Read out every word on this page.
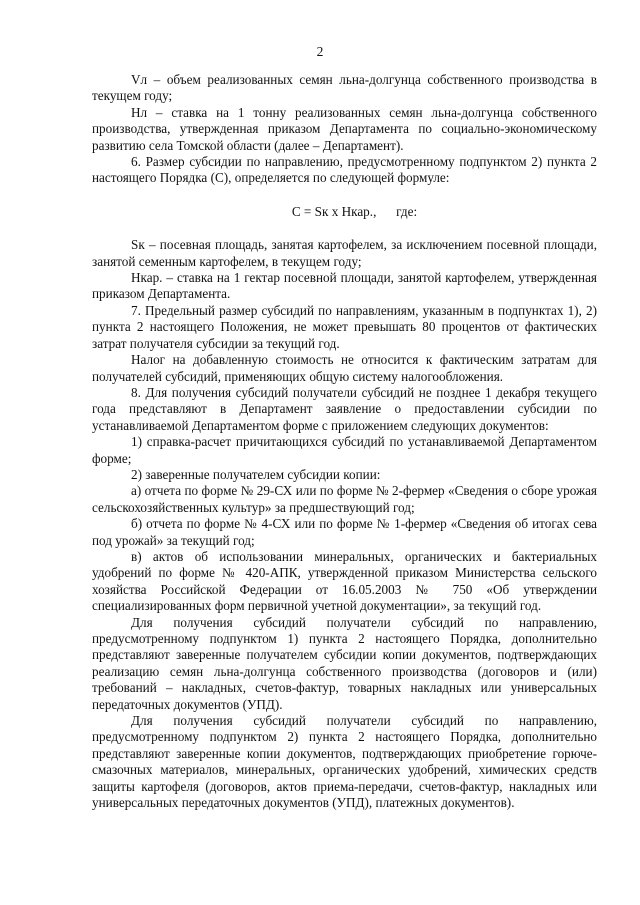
2

Vл – объем реализованных семян льна-долгунца собственного производства в текущем году;

Нл – ставка на 1 тонну реализованных семян льна-долгунца собственного производства, утвержденная приказом Департамента по социально-экономическому развитию села Томской области (далее – Департамент).

6. Размер субсидии по направлению, предусмотренному подпунктом 2) пункта 2 настоящего Порядка (С), определяется по следующей формуле:

С = Sк х Нкар.,      где:

Sк – посевная площадь, занятая картофелем, за исключением посевной площади, занятой семенным картофелем, в текущем году;

Нкар. – ставка на 1 гектар посевной площади, занятой картофелем, утвержденная приказом Департамента.

7. Предельный размер субсидий по направлениям, указанным в подпунктах 1), 2) пункта 2 настоящего Положения, не может превышать 80 процентов от фактических затрат получателя субсидии за текущий год.

Налог на добавленную стоимость не относится к фактическим затратам для получателей субсидий, применяющих общую систему налогообложения.

8. Для получения субсидий получатели субсидий не позднее 1 декабря текущего года представляют в Департамент заявление о предоставлении субсидии по устанавливаемой Департаментом форме с приложением следующих документов:

1) справка-расчет причитающихся субсидий по устанавливаемой Департаментом форме;

2) заверенные получателем субсидии копии:

а) отчета по форме № 29-СХ или по форме № 2-фермер «Сведения о сборе урожая сельскохозяйственных культур» за предшествующий год;

б) отчета по форме № 4-СХ или по форме № 1-фермер «Сведения об итогах сева под урожай» за текущий год;

в) актов об использовании минеральных, органических и бактериальных удобрений по форме № 420-АПК, утвержденной приказом Министерства сельского хозяйства Российской Федерации от 16.05.2003 № 750 «Об утверждении специализированных форм первичной учетной документации», за текущий год.

Для получения субсидий получатели субсидий по направлению, предусмотренному подпунктом 1) пункта 2 настоящего Порядка, дополнительно представляют заверенные получателем субсидии копии документов, подтверждающих реализацию семян льна-долгунца собственного производства (договоров и (или) требований – накладных, счетов-фактур, товарных накладных или универсальных передаточных документов (УПД).

Для получения субсидий получатели субсидий по направлению, предусмотренному подпунктом 2) пункта 2 настоящего Порядка, дополнительно представляют заверенные копии документов, подтверждающих приобретение горюче-смазочных материалов, минеральных, органических удобрений, химических средств защиты картофеля (договоров, актов приема-передачи, счетов-фактур, накладных или универсальных передаточных документов (УПД), платежных документов).
